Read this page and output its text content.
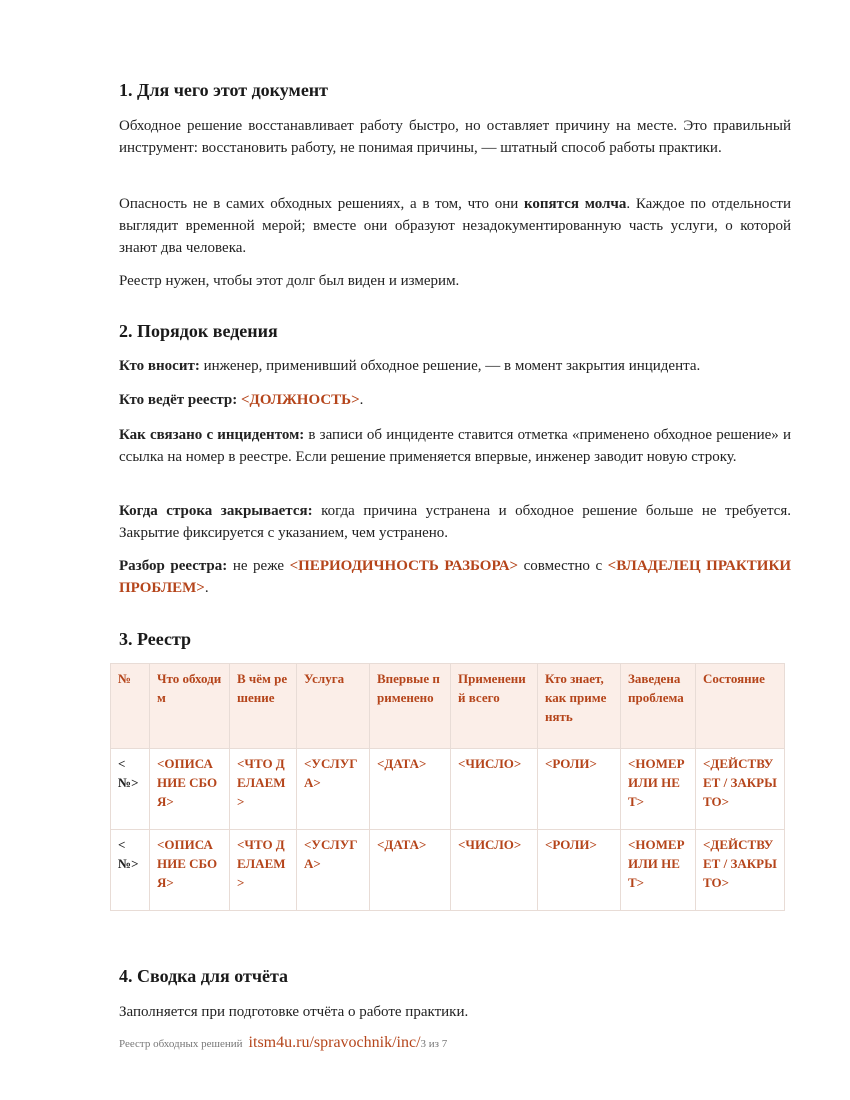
1. Для чего этот документ

Обходное решение восстанавливает работу быстро, но оставляет причину на месте. Это правильный инструмент: восстановить работу, не понимая причины, — штатный способ работы практики.

Опасность не в самих обходных решениях, а в том, что они копятся молча. Каждое по отдельности выглядит временной мерой; вместе они образуют незадокументированную часть услуги, о которой знают два человека.

Реестр нужен, чтобы этот долг был виден и измерим.

2. Порядок ведения

Кто вносит: инженер, применивший обходное решение, — в момент закрытия инцидента.

Кто ведёт реестр: <ДОЛЖНОСТЬ>.

Как связано с инцидентом: в записи об инциденте ставится отметка «применено обходное решение» и ссылка на номер в реестре. Если решение применяется впервые, инженер заводит новую строку.

Когда строка закрывается: когда причина устранена и обходное решение больше не требуется. Закрытие фиксируется с указанием, чем устранено.

Разбор реестра: не реже <ПЕРИОДИЧНОСТЬ РАЗБОРА> совместно с <ВЛАДЕЛЕЦ ПРАКТИКИ ПРОБЛЕМ>.

3. Реестр
№	Что обходим	В чём решение	Услуга	Впервые применено	Применений всего	Кто знает, как применять	Заведена проблема	Состояние
<№>	<ОПИСАНИЕ СБОЯ>	<ЧТО ДЕЛАЕМ>	<УСЛУГА>	<ДАТА>	<ЧИСЛО>	<РОЛИ>	<НОМЕР ИЛИ НЕТ>	<ДЕЙСТВУЕТ / ЗАКРЫТО>
<№>	<ОПИСАНИЕ СБОЯ>	<ЧТО ДЕЛАЕМ>	<УСЛУГА>	<ДАТА>	<ЧИСЛО>	<РОЛИ>	<НОМЕР ИЛИ НЕТ>	<ДЕЙСТВУЕТ / ЗАКРЫТО>
4. Сводка для отчёта

Заполняется при подготовке отчёта о работе практики.

Реестр обходных решений itsm4u.ru/spravochnik/inc/3 из 7
